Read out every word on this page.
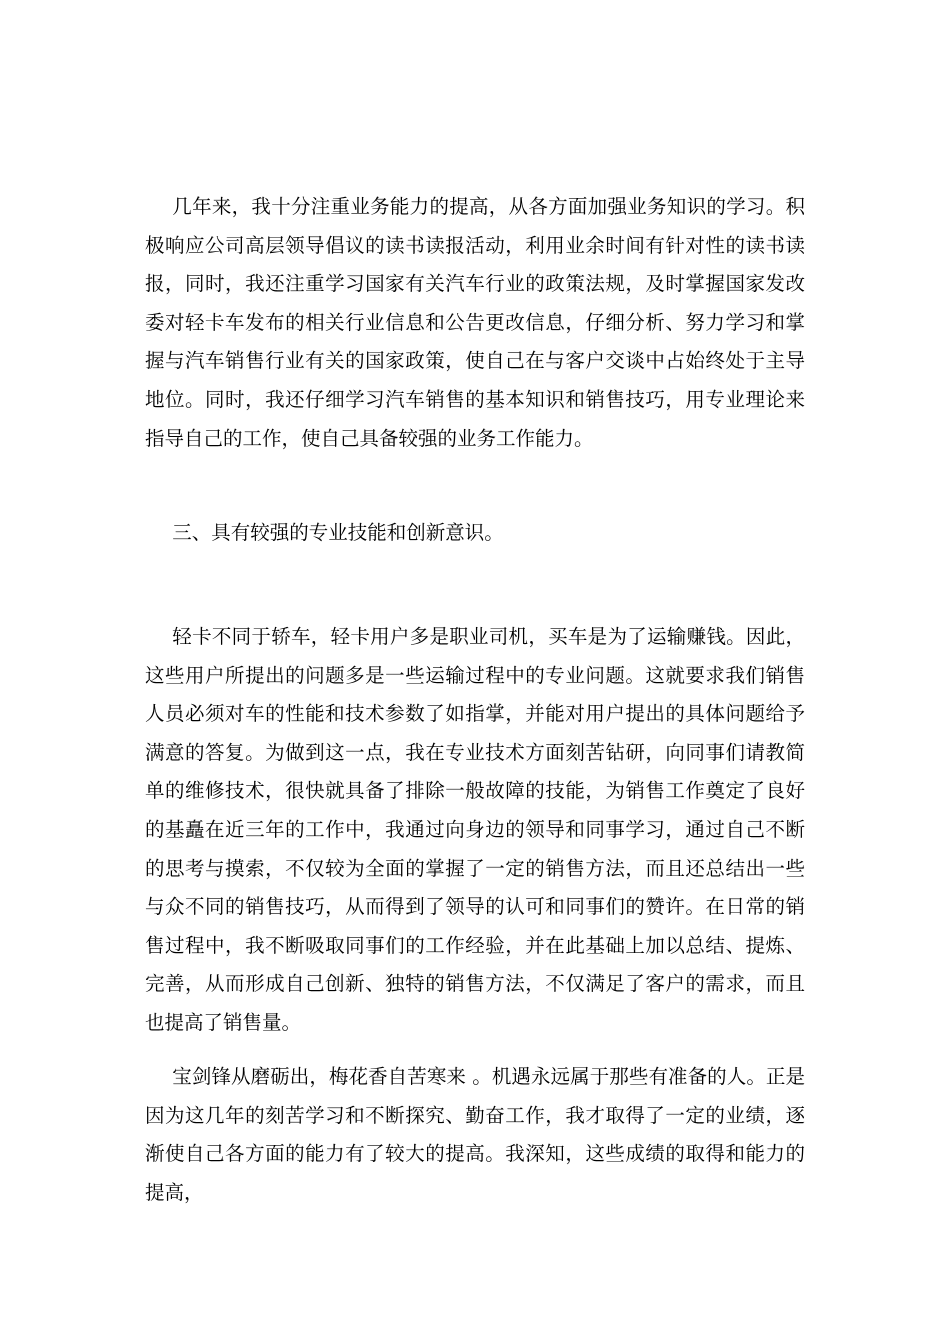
几年来，我十分注重业务能力的提高，从各方面加强业务知识的学习。积极响应公司高层领导倡议的读书读报活动，利用业余时间有针对性的读书读报，同时，我还注重学习国家有关汽车行业的政策法规，及时掌握国家发改委对轻卡车发布的相关行业信息和公告更改信息，仔细分析、努力学习和掌握与汽车销售行业有关的国家政策，使自己在与客户交谈中占始终处于主导地位。同时，我还仔细学习汽车销售的基本知识和销售技巧，用专业理论来指导自己的工作，使自己具备较强的业务工作能力。

三、具有较强的专业技能和创新意识。

轻卡不同于轿车，轻卡用户多是职业司机，买车是为了运输赚钱。因此，这些用户所提出的问题多是一些运输过程中的专业问题。这就要求我们销售人员必须对车的性能和技术参数了如指掌，并能对用户提出的具体问题给予满意的答复。为做到这一点，我在专业技术方面刻苦钻研，向同事们请教简单的维修技术，很快就具备了排除一般故障的技能，为销售工作奠定了良好的基矗在近三年的工作中，我通过向身边的领导和同事学习，通过自己不断的思考与摸索，不仅较为全面的掌握了一定的销售方法，而且还总结出一些与众不同的销售技巧，从而得到了领导的认可和同事们的赞许。在日常的销售过程中，我不断吸取同事们的工作经验，并在此基础上加以总结、提炼、完善，从而形成自己创新、独特的销售方法，不仅满足了客户的需求，而且也提高了销售量。

宝剑锋从磨砺出，梅花香自苦寒来 。机遇永远属于那些有准备的人。正是因为这几年的刻苦学习和不断探究、勤奋工作，我才取得了一定的业绩，逐渐使自己各方面的能力有了较大的提高。我深知，这些成绩的取得和能力的提高，
